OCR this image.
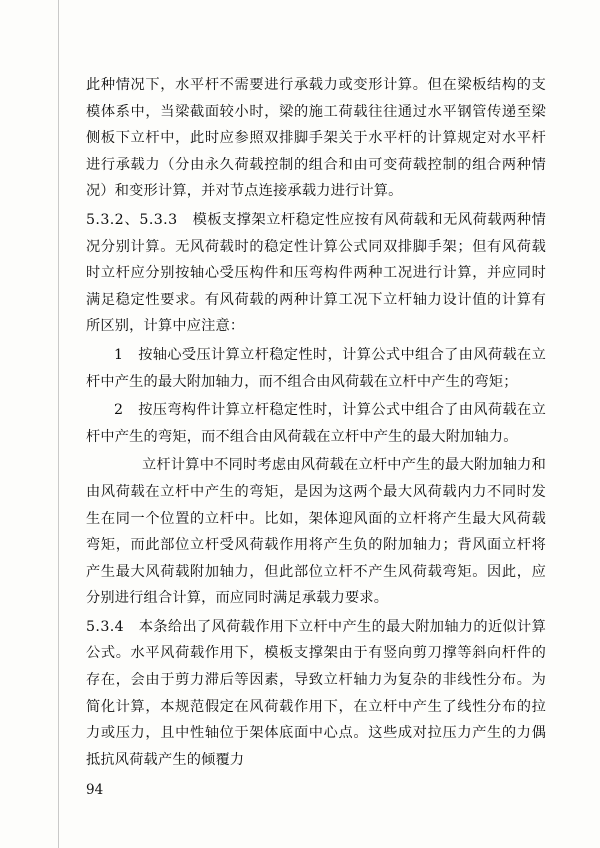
此种情况下，水平杆不需要进行承载力或变形计算。但在梁板结构的支模体系中，当梁截面较小时，梁的施工荷载往往通过水平钢管传递至梁侧板下立杆中，此时应参照双排脚手架关于水平杆的计算规定对水平杆进行承载力（分由永久荷载控制的组合和由可变荷载控制的组合两种情况）和变形计算，并对节点连接承载力进行计算。

5.3.2、5.3.3　模板支撑架立杆稳定性应按有风荷载和无风荷载两种情况分别计算。无风荷载时的稳定性计算公式同双排脚手架；但有风荷载时立杆应分别按轴心受压构件和压弯构件两种工况进行计算，并应同时满足稳定性要求。有风荷载的两种计算工况下立杆轴力设计值的计算有所区别，计算中应注意：

1　按轴心受压计算立杆稳定性时，计算公式中组合了由风荷载在立杆中产生的最大附加轴力，而不组合由风荷载在立杆中产生的弯矩；

2　按压弯构件计算立杆稳定性时，计算公式中组合了由风荷载在立杆中产生的弯矩，而不组合由风荷载在立杆中产生的最大附加轴力。

立杆计算中不同时考虑由风荷载在立杆中产生的最大附加轴力和由风荷载在立杆中产生的弯矩，是因为这两个最大风荷载内力不同时发生在同一个位置的立杆中。比如，架体迎风面的立杆将产生最大风荷载弯矩，而此部位立杆受风荷载作用将产生负的附加轴力；背风面立杆将产生最大风荷载附加轴力，但此部位立杆不产生风荷载弯矩。因此，应分别进行组合计算，而应同时满足承载力要求。

5.3.4　本条给出了风荷载作用下立杆中产生的最大附加轴力的近似计算公式。水平风荷载作用下，模板支撑架由于有竖向剪刀撑等斜向杆件的存在，会由于剪力滞后等因素，导致立杆轴力为复杂的非线性分布。为简化计算，本规范假定在风荷载作用下，在立杆中产生了线性分布的拉力或压力，且中性轴位于架体底面中心点。这些成对拉压力产生的力偶抵抗风荷载产生的倾覆力

94
